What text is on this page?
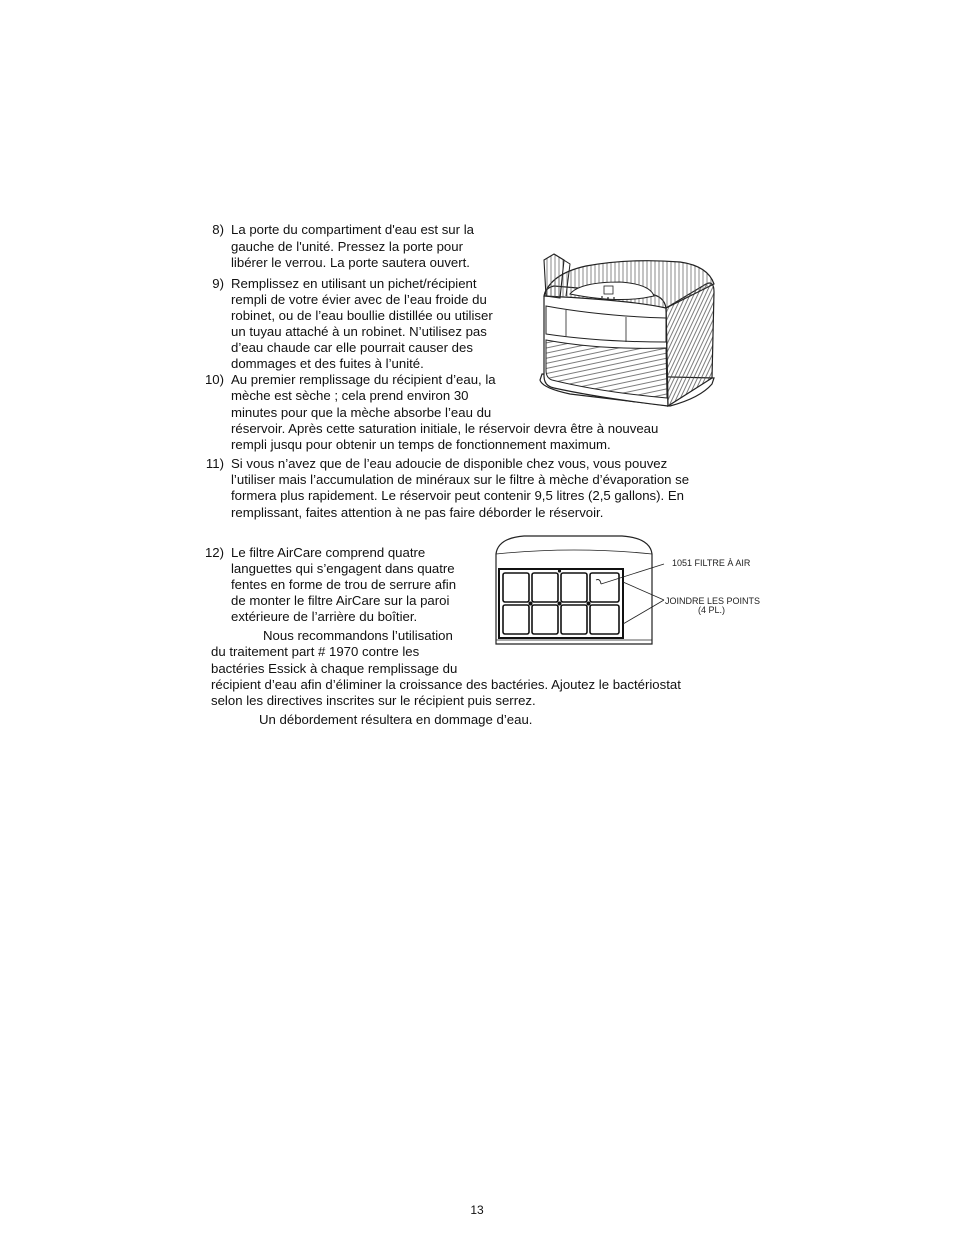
8) La porte du compartiment d'eau est sur la
gauche de l'unité. Pressez la porte pour
libérer le verrou. La porte sautera ouvert.
9) Remplissez en utilisant un pichet/récipient
rempli de votre évier avec de l’eau froide du
robinet, ou de l’eau boullie distillée ou utiliser
un tuyau attaché à un robinet. N’utilisez pas
d’eau chaude car elle pourrait causer des
dommages et des fuites à l’unité.
10) Au premier remplissage du récipient d’eau, la
mèche est sèche ; cela prend environ 30
minutes pour que la mèche absorbe l’eau du
réservoir. Après cette saturation initiale, le réservoir devra être à nouveau
rempli jusqu pour obtenir un temps de fonctionnement maximum.
11) Si vous n’avez que de l’eau adoucie de disponible chez vous, vous pouvez
l’utiliser mais l’accumulation de minéraux sur le filtre à mèche d’évaporation se
formera plus rapidement. Le réservoir peut contenir 9,5 litres (2,5 gallons). En
remplissant, faites attention à ne pas faire déborder le réservoir.
12) Le filtre AirCare comprend quatre
languettes qui s’engagent dans quatre
fentes en forme de trou de serrure afin
de monter le filtre AirCare sur la paroi
extérieure de l’arrière du boîtier.
Nous recommandons l’utilisation
du traitement part # 1970 contre les
bactéries Essick à chaque remplissage du
récipient d’eau afin d’éliminer la croissance des bactéries. Ajoutez le bactériostat
selon les directives inscrites sur le récipient puis serrez.
Un débordement résultera en dommage d’eau.
1051 FILTRE À AIR
JOINDRE LES POINTS
(4 PL.)
13
